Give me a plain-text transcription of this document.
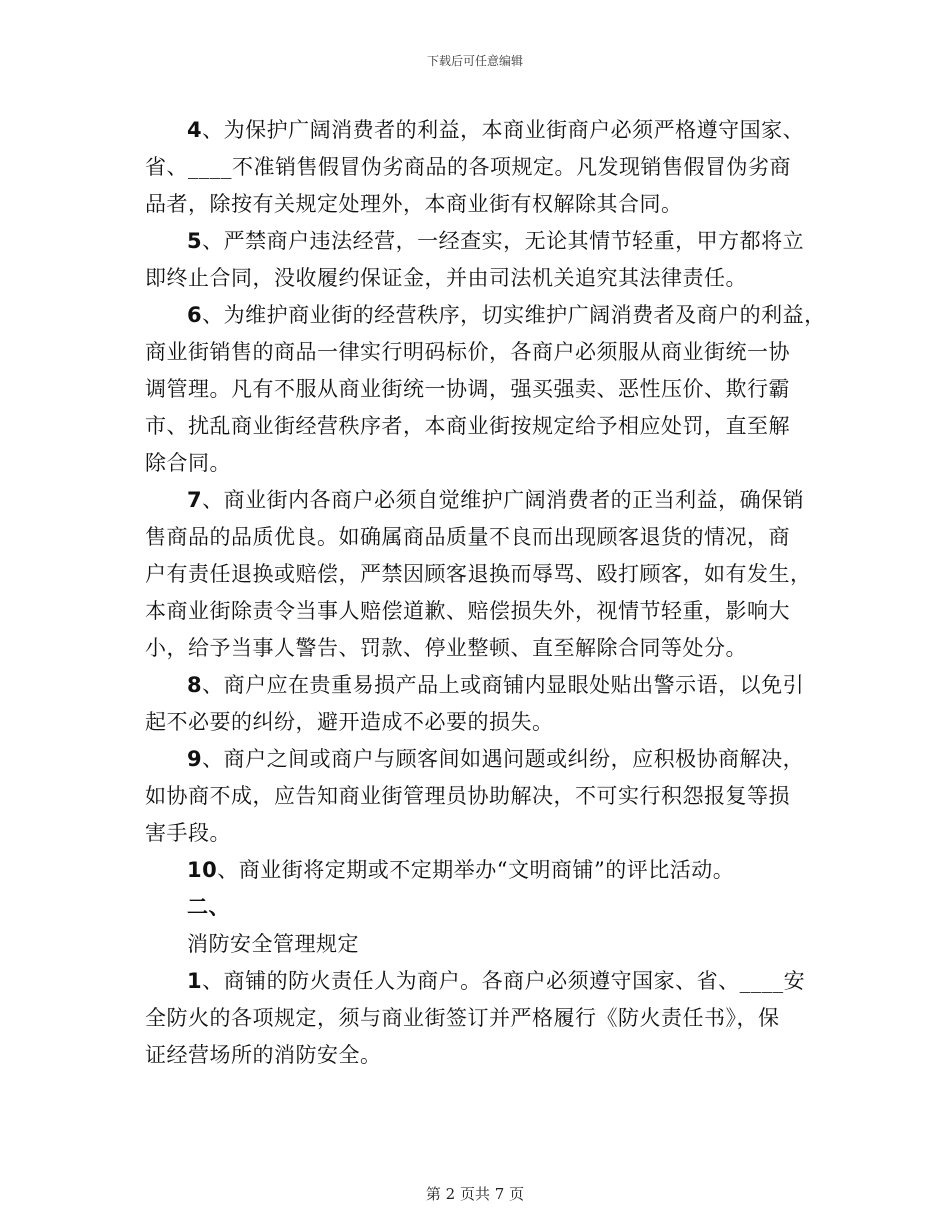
下载后可任意编辑
4、为保护广阔消费者的利益，本商业街商户必须严格遵守国家、
省、____不准销售假冒伪劣商品的各项规定。凡发现销售假冒伪劣商
品者，除按有关规定处理外，本商业街有权解除其合同。
5、严禁商户违法经营，一经查实，无论其情节轻重，甲方都将立
即终止合同，没收履约保证金，并由司法机关追究其法律责任。
6、为维护商业街的经营秩序，切实维护广阔消费者及商户的利益，
商业街销售的商品一律实行明码标价，各商户必须服从商业街统一协
调管理。凡有不服从商业街统一协调，强买强卖、恶性压价、欺行霸
市、扰乱商业街经营秩序者，本商业街按规定给予相应处罚，直至解
除合同。
7、商业街内各商户必须自觉维护广阔消费者的正当利益，确保销
售商品的品质优良。如确属商品质量不良而出现顾客退货的情况，商
户有责任退换或赔偿，严禁因顾客退换而辱骂、殴打顾客，如有发生，
本商业街除责令当事人赔偿道歉、赔偿损失外，视情节轻重，影响大
小，给予当事人警告、罚款、停业整顿、直至解除合同等处分。
8、商户应在贵重易损产品上或商铺内显眼处贴出警示语，以免引
起不必要的纠纷，避开造成不必要的损失。
9、商户之间或商户与顾客间如遇问题或纠纷，应积极协商解决，
如协商不成，应告知商业街管理员协助解决，不可实行积怨报复等损
害手段。
10、商业街将定期或不定期举办“文明商铺”的评比活动。
二、
消防安全管理规定
1、商铺的防火责任人为商户。各商户必须遵守国家、省、____安
全防火的各项规定，须与商业街签订并严格履行《防火责任书》，保
证经营场所的消防安全。
第 2 页共 7 页
